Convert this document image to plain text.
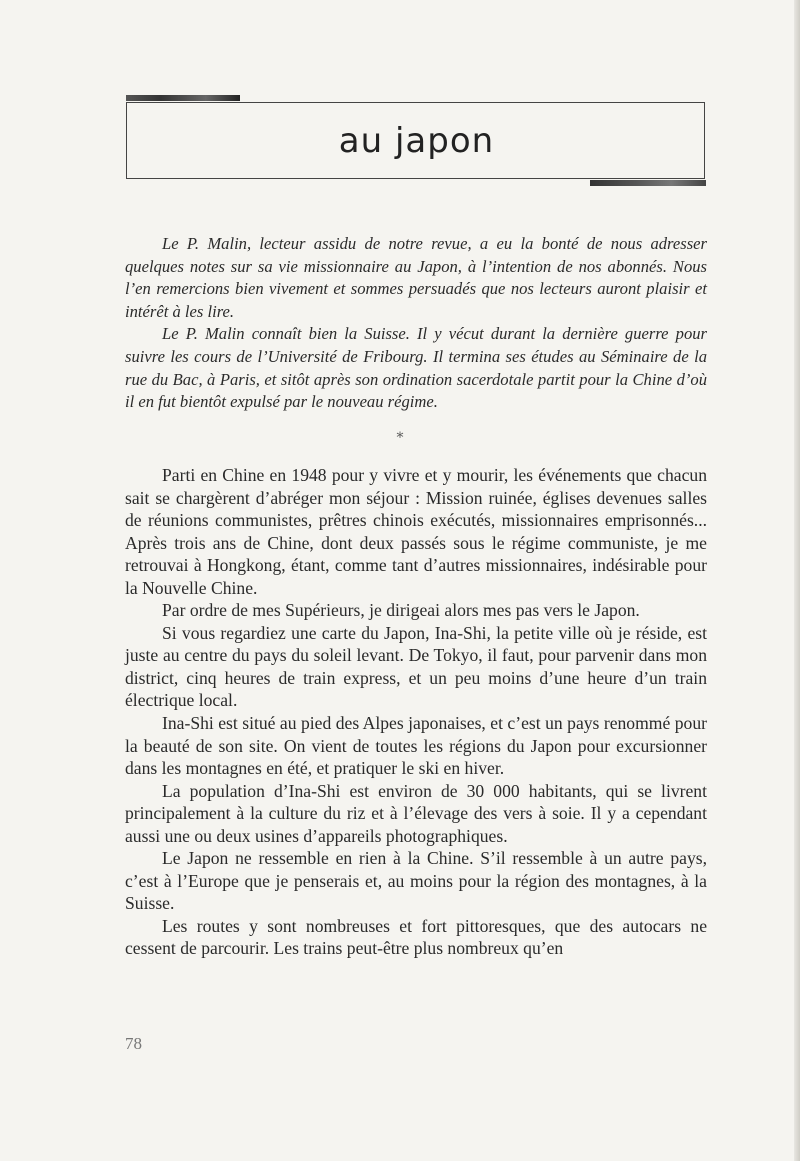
au japon

Le P. Malin, lecteur assidu de notre revue, a eu la bonté de nous adresser quelques notes sur sa vie missionnaire au Japon, à l’intention de nos abonnés. Nous l’en remercions bien vivement et sommes persuadés que nos lecteurs auront plaisir et intérêt à les lire.

Le P. Malin connaît bien la Suisse. Il y vécut durant la dernière guerre pour suivre les cours de l’Université de Fribourg. Il termina ses études au Séminaire de la rue du Bac, à Paris, et sitôt après son ordination sacerdotale partit pour la Chine d’où il en fut bientôt expulsé par le nouveau régime.

*

Parti en Chine en 1948 pour y vivre et y mourir, les événements que chacun sait se chargèrent d’abréger mon séjour : Mission ruinée, églises devenues salles de réunions communistes, prêtres chinois exécutés, missionnaires emprisonnés... Après trois ans de Chine, dont deux passés sous le régime communiste, je me retrouvai à Hongkong, étant, comme tant d’autres missionnaires, indésirable pour la Nouvelle Chine.

Par ordre de mes Supérieurs, je dirigeai alors mes pas vers le Japon.

Si vous regardiez une carte du Japon, Ina-Shi, la petite ville où je réside, est juste au centre du pays du soleil levant. De Tokyo, il faut, pour parvenir dans mon district, cinq heures de train express, et un peu moins d’une heure d’un train électrique local.

Ina-Shi est situé au pied des Alpes japonaises, et c’est un pays renommé pour la beauté de son site. On vient de toutes les régions du Japon pour excursionner dans les montagnes en été, et pratiquer le ski en hiver.

La population d’Ina-Shi est environ de 30 000 habitants, qui se livrent principalement à la culture du riz et à l’élevage des vers à soie. Il y a cependant aussi une ou deux usines d’appareils photographiques.

Le Japon ne ressemble en rien à la Chine. S’il ressemble à un autre pays, c’est à l’Europe que je penserais et, au moins pour la région des montagnes, à la Suisse.

Les routes y sont nombreuses et fort pittoresques, que des autocars ne cessent de parcourir. Les trains peut-être plus nombreux qu’en

78
